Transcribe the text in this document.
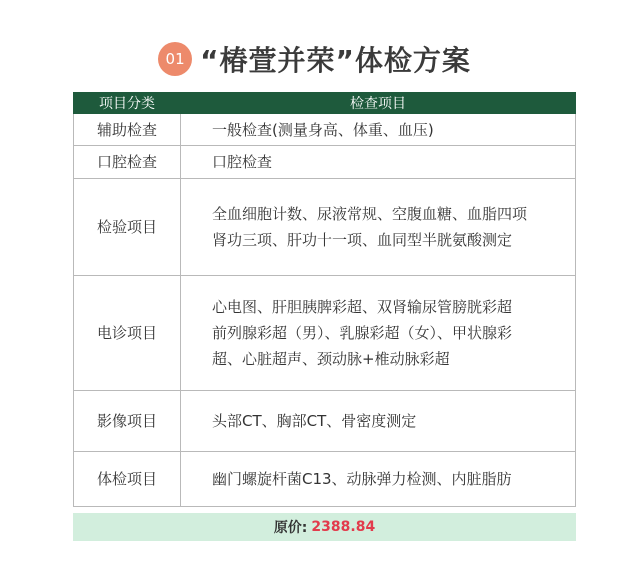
01 “椿萱并荣”体检方案
项目分类	检查项目
辅助检查	一般检查(测量身高、体重、血压)

口腔检查	口腔检查

检验项目	全血细胞计数、尿液常规、空腹血糖、血脂四项
肾功三项、肝功十一项、血同型半胱氨酸测定

电诊项目	心电图、肝胆胰脾彩超、双肾输尿管膀胱彩超
前列腺彩超（男）、乳腺彩超（女）、甲状腺彩
超、心脏超声、颈动脉+椎动脉彩超

影像项目	头部CT、胸部CT、骨密度测定

体检项目	幽门螺旋杆菌C13、动脉弹力检测、内脏脂肪
原价: 2388.84
